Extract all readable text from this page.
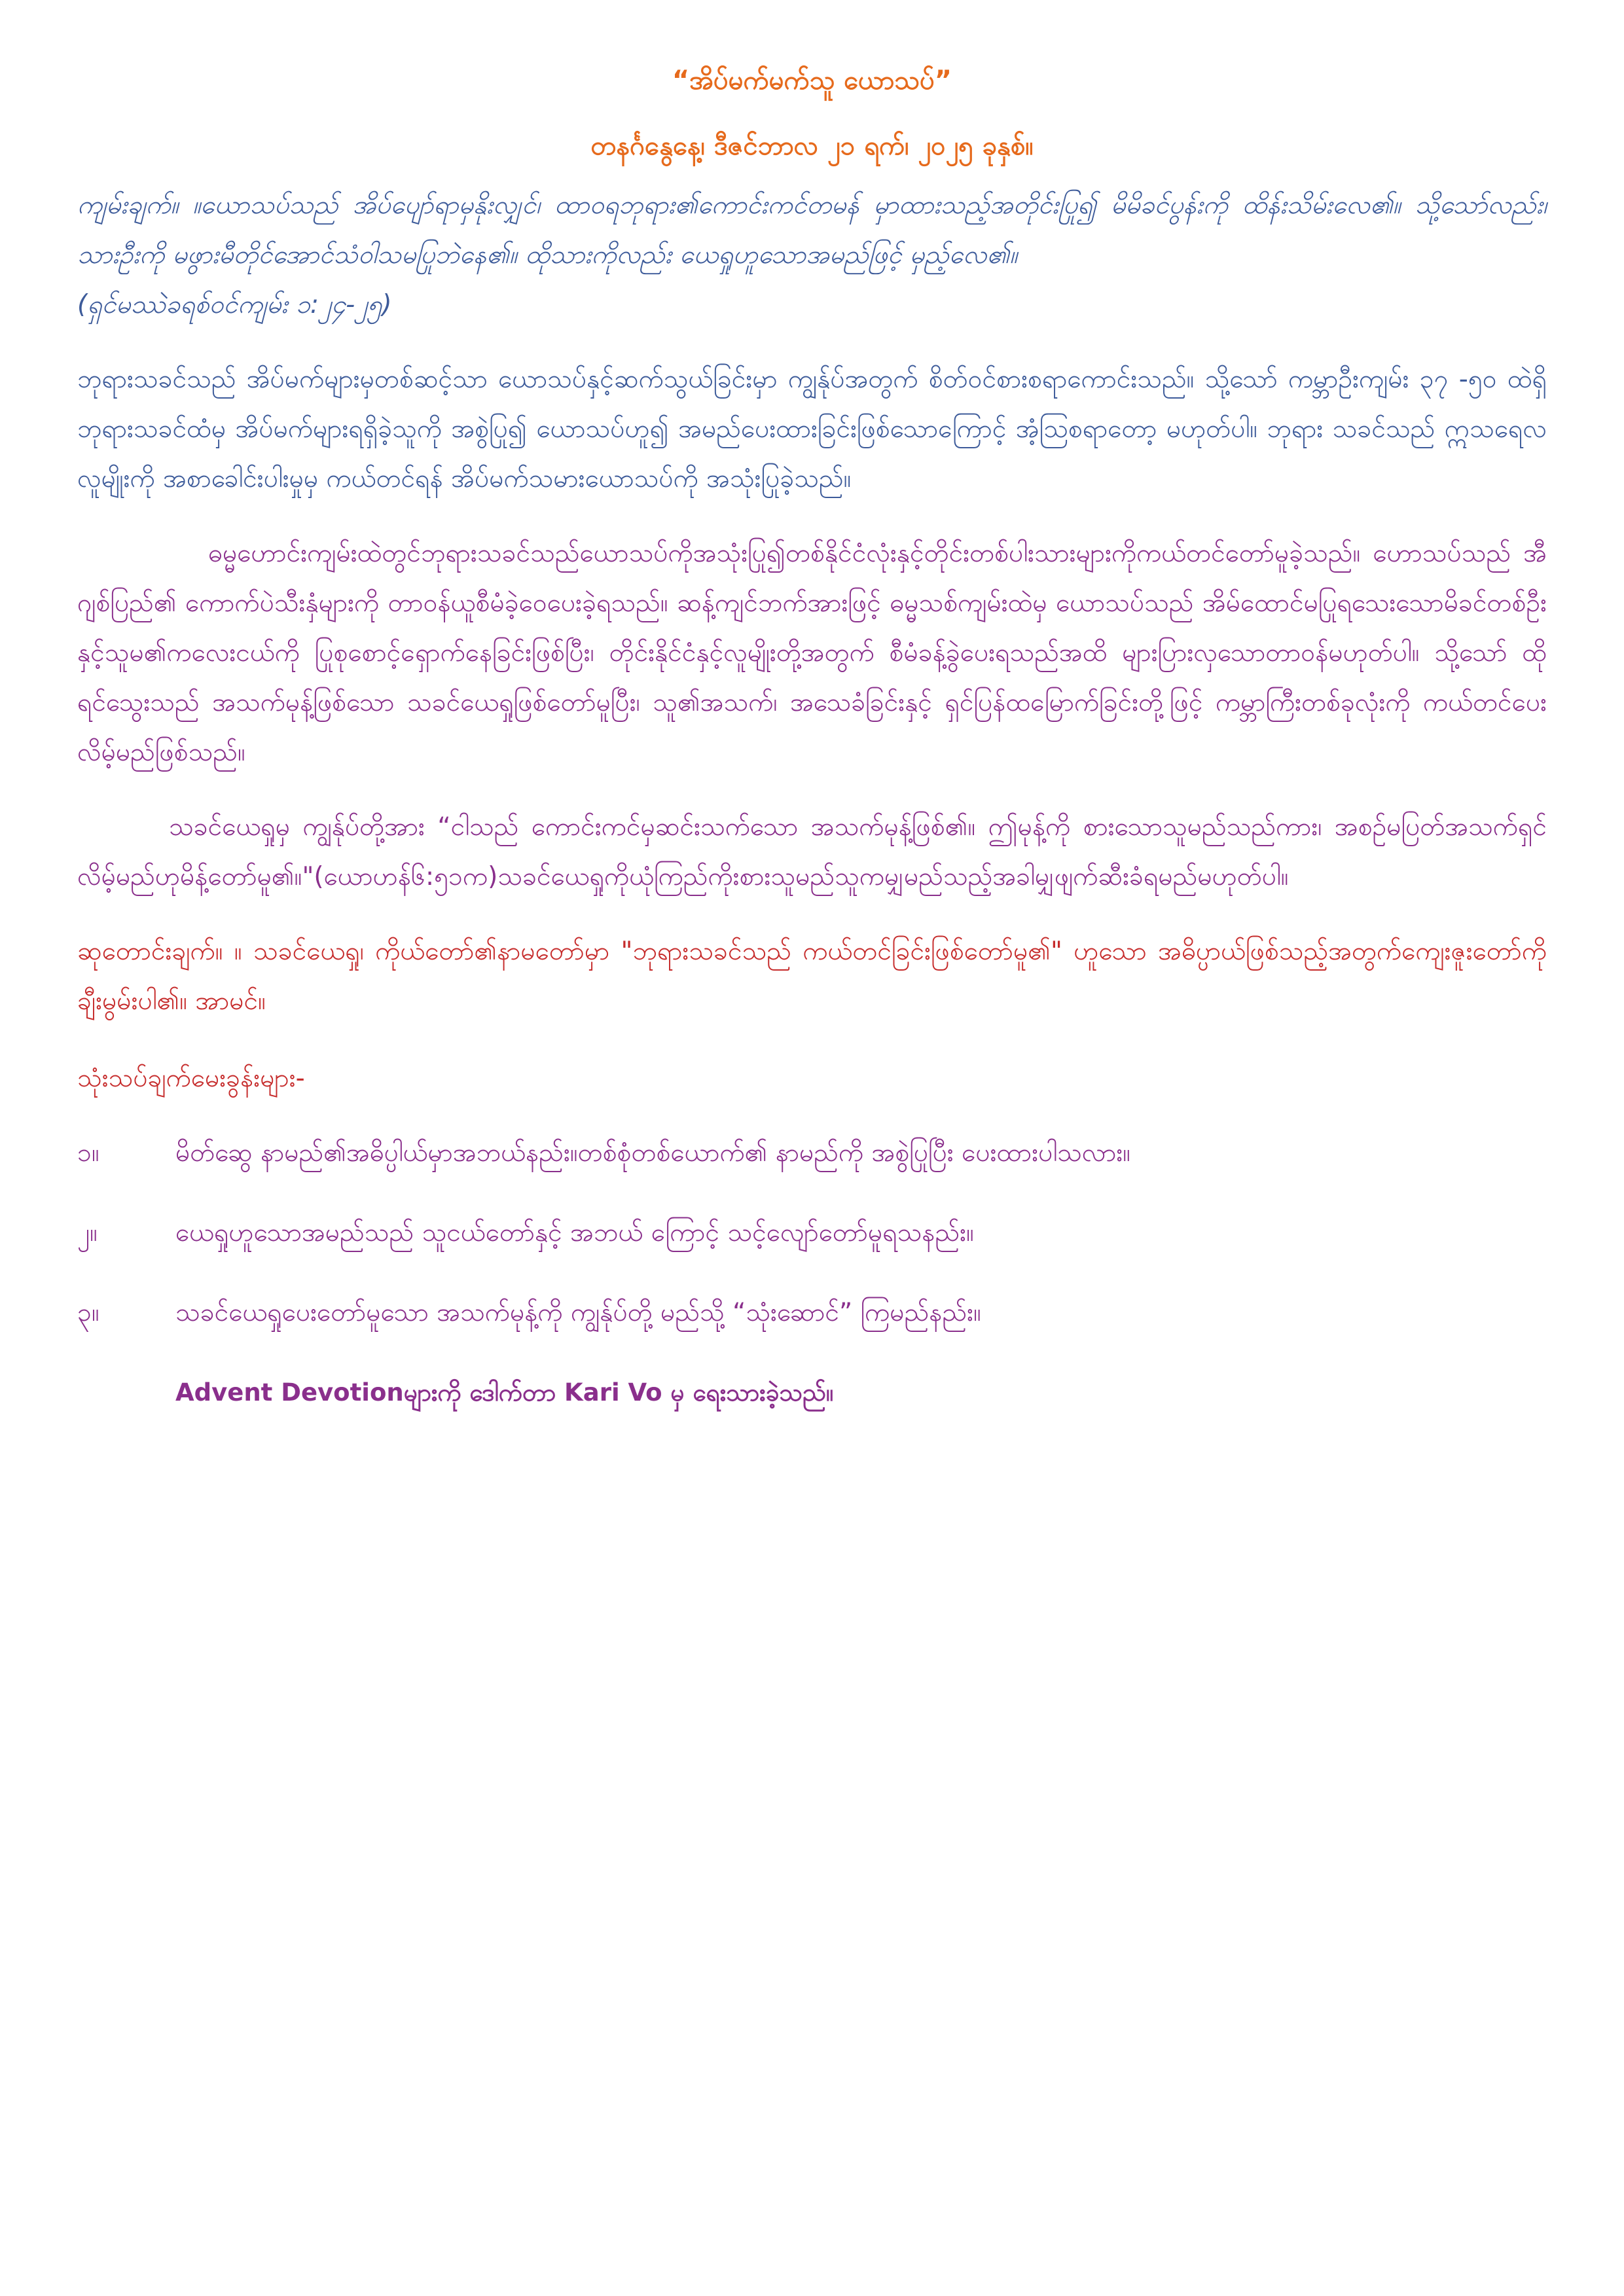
“အိပ်မက်မက်သူ ယောသပ်”

တနင်္ဂနွေနေ့၊ ဒီဇင်ဘာလ ၂၁ ရက်၊ ၂၀၂၅ ခုနှစ်။

ကျမ်းချက်။ ။ယောသပ်သည် အိပ်ပျော်ရာမှနိုးလျှင်၊ ထာဝရဘုရား၏ကောင်းကင်တမန် မှာထားသည့်အတိုင်းပြု၍ မိမိခင်ပွန်းကို ထိန်းသိမ်းလေ၏။ သို့သော်လည်း၊ သားဦးကို မဖွားမီတိုင်အောင်သံဝါသမပြုဘဲနေ၏။ ထိုသားကိုလည်း ယေရှုဟူသောအမည်ဖြင့် မှည့်လေ၏။

(ရှင်မဿဲခရစ်ဝင်ကျမ်း ၁:၂၄-၂၅)

ဘုရားသခင်သည် အိပ်မက်များမှတစ်ဆင့်သာ ယောသပ်နှင့်ဆက်သွယ်ခြင်းမှာ ကျွန်ုပ်အတွက် စိတ်ဝင်စားစရာကောင်းသည်။ သို့သော် ကမ္ဘာဦးကျမ်း ၃၇ -၅၀ ထဲရှိ ဘုရားသခင်ထံမှ အိပ်မက်များရရှိခဲ့သူကို အစွဲပြု၍ ယောသပ်ဟူ၍ အမည်ပေးထားခြင်းဖြစ်သောကြောင့် အံ့သြစရာတော့ မဟုတ်ပါ။ ဘုရား သခင်သည် ဣသရေလလူမျိုးကို အစာခေါင်းပါးမှုမှ ကယ်တင်ရန် အိပ်မက်သမားယောသပ်ကို အသုံးပြုခဲ့သည်။

ဓမ္မဟောင်းကျမ်းထဲတွင်ဘုရားသခင်သည်ယောသပ်ကိုအသုံးပြု၍တစ်နိုင်ငံလုံးနှင့်တိုင်းတစ်ပါးသားများကိုကယ်တင်တော်မူခဲ့သည်။ ဟောသပ်သည် အီဂျစ်ပြည်၏ ကောက်ပဲသီးနှံများကို တာဝန်ယူစီမံခဲ့ဝေပေးခဲ့ရသည်။ ဆန့်ကျင်ဘက်အားဖြင့် ဓမ္မသစ်ကျမ်းထဲမှ ယောသပ်သည် အိမ်ထောင်မပြုရသေးသောမိခင်တစ်ဦးနှင့်သူမ၏ကလေးငယ်ကို ပြုစုစောင့်ရှောက်နေခြင်းဖြစ်ပြီး၊ တိုင်းနိုင်ငံနှင့်လူမျိုးတို့အတွက် စီမံခန့်ခွဲပေးရသည်အထိ များပြားလှသောတာဝန်မဟုတ်ပါ။ သို့သော် ထိုရင်သွေးသည် အသက်မုန့်ဖြစ်သော သခင်ယေရှုဖြစ်တော်မူပြီး၊ သူ၏အသက်၊ အသေခံခြင်းနှင့် ရှင်ပြန်ထမြောက်ခြင်းတို့ဖြင့် ကမ္ဘာကြီးတစ်ခုလုံးကို ကယ်တင်ပေးလိမ့်မည်ဖြစ်သည်။

သခင်ယေရှုမှ ကျွန်ုပ်တို့အား “ငါသည် ကောင်းကင်မှဆင်းသက်သော အသက်မုန့်ဖြစ်၏။ ဤမုန့်ကို စားသောသူမည်သည်ကား၊ အစဉ်မပြတ်အသက်ရှင်လိမ့်မည်ဟုမိန့်တော်မူ၏။"(ယောဟန်၆:၅၁က)သခင်ယေရှုကိုယုံကြည်ကိုးစားသူမည်သူကမျှမည်သည့်အခါမျှဖျက်ဆီးခံရမည်မဟုတ်ပါ။

ဆုတောင်းချက်။ ။ သခင်ယေရှု၊ ကိုယ်တော်၏နာမတော်မှာ "ဘုရားသခင်သည် ကယ်တင်ခြင်းဖြစ်တော်မူ၏" ဟူသော အဓိပ္ပာယ်ဖြစ်သည့်အတွက်ကျေးဇူးတော်ကို ချီးမွမ်းပါ၏။ အာမင်။

သုံးသပ်ချက်မေးခွန်းများ-

၁။	မိတ်ဆွေ နာမည်၏အဓိပ္ပါယ်မှာအဘယ်နည်း။တစ်စုံတစ်ယောက်၏ နာမည်ကို အစွဲပြုပြီး ပေးထားပါသလား။
၂။	ယေရှုဟူသောအမည်သည် သူငယ်တော်နှင့် အဘယ် ကြောင့် သင့်လျော်တော်မူရသနည်း။
၃။	သခင်ယေရှုပေးတော်မူသော အသက်မုန့်ကို ကျွန်ုပ်တို့ မည်သို့ “သုံးဆောင်” ကြမည်နည်း။

Advent Devotionများကို ဒေါက်တာ Kari Vo မှ ရေးသားခဲ့သည်။
